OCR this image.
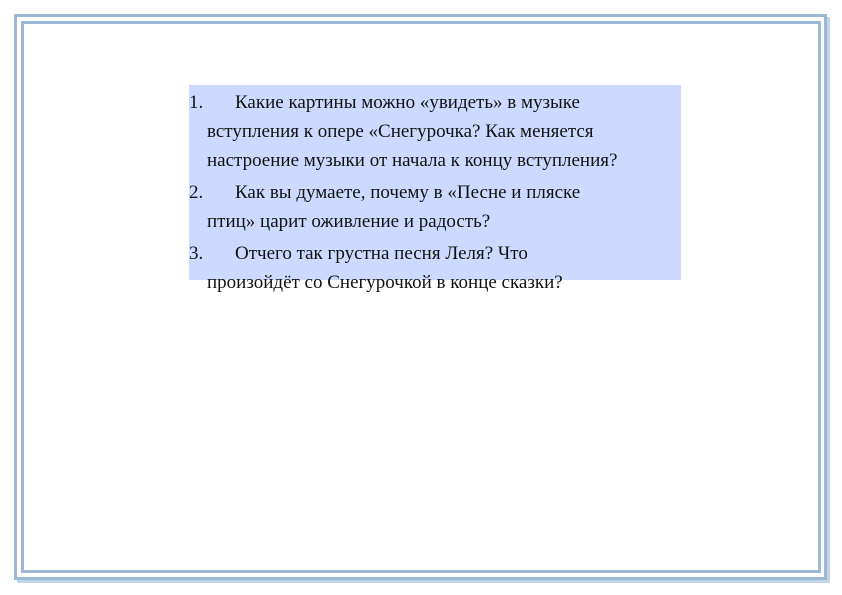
1.	Какие картины можно «увидеть» в музыке
вступления к опере «Снегурочка? Как меняется
настроение музыки от начала к концу вступления?
2.	Как вы думаете, почему в «Песне и пляске
птиц» царит оживление и радость?
3.	Отчего так грустна песня Леля? Что
произойдёт со Снегурочкой в конце сказки?
